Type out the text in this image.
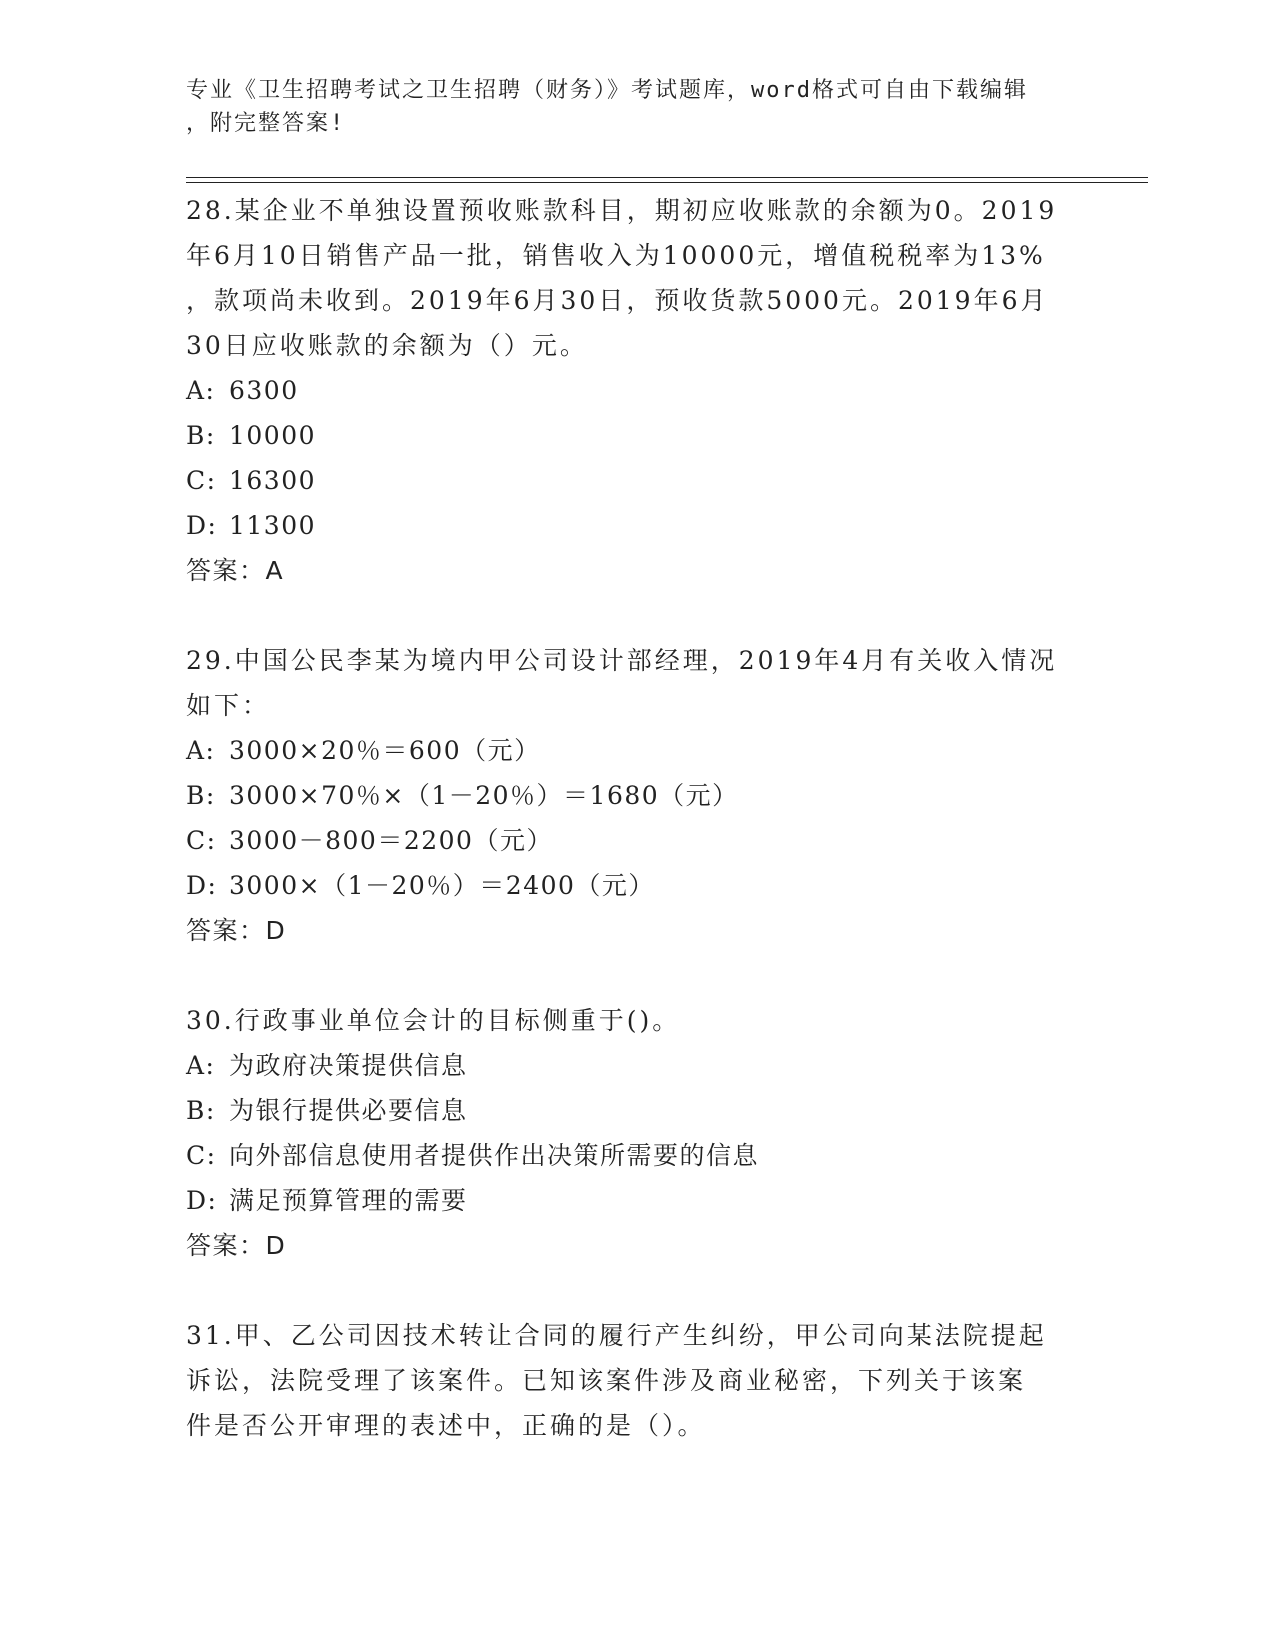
专业《卫生招聘考试之卫生招聘（财务）》考试题库，word格式可自由下载编辑
，附完整答案!
28.某企业不单独设置预收账款科目，期初应收账款的余额为0。2019
年6月10日销售产品一批，销售收入为10000元，增值税税率为13%
，款项尚未收到。2019年6月30日，预收货款5000元。2019年6月
30日应收账款的余额为（）元。
A: 6300
B: 10000
C: 16300
D: 11300
答案：A
29.中国公民李某为境内甲公司设计部经理，2019年4月有关收入情况
如下：
A: 3000×20％＝600（元）
B: 3000×70％×（1－20％）＝1680（元）
C: 3000－800＝2200（元）
D: 3000×（1－20％）＝2400（元）
答案：D
30.行政事业单位会计的目标侧重于()。
A: 为政府决策提供信息
B: 为银行提供必要信息
C: 向外部信息使用者提供作出决策所需要的信息
D: 满足预算管理的需要
答案：D
31.甲、乙公司因技术转让合同的履行产生纠纷，甲公司向某法院提起
诉讼，法院受理了该案件。已知该案件涉及商业秘密，下列关于该案
件是否公开审理的表述中，正确的是（）。
